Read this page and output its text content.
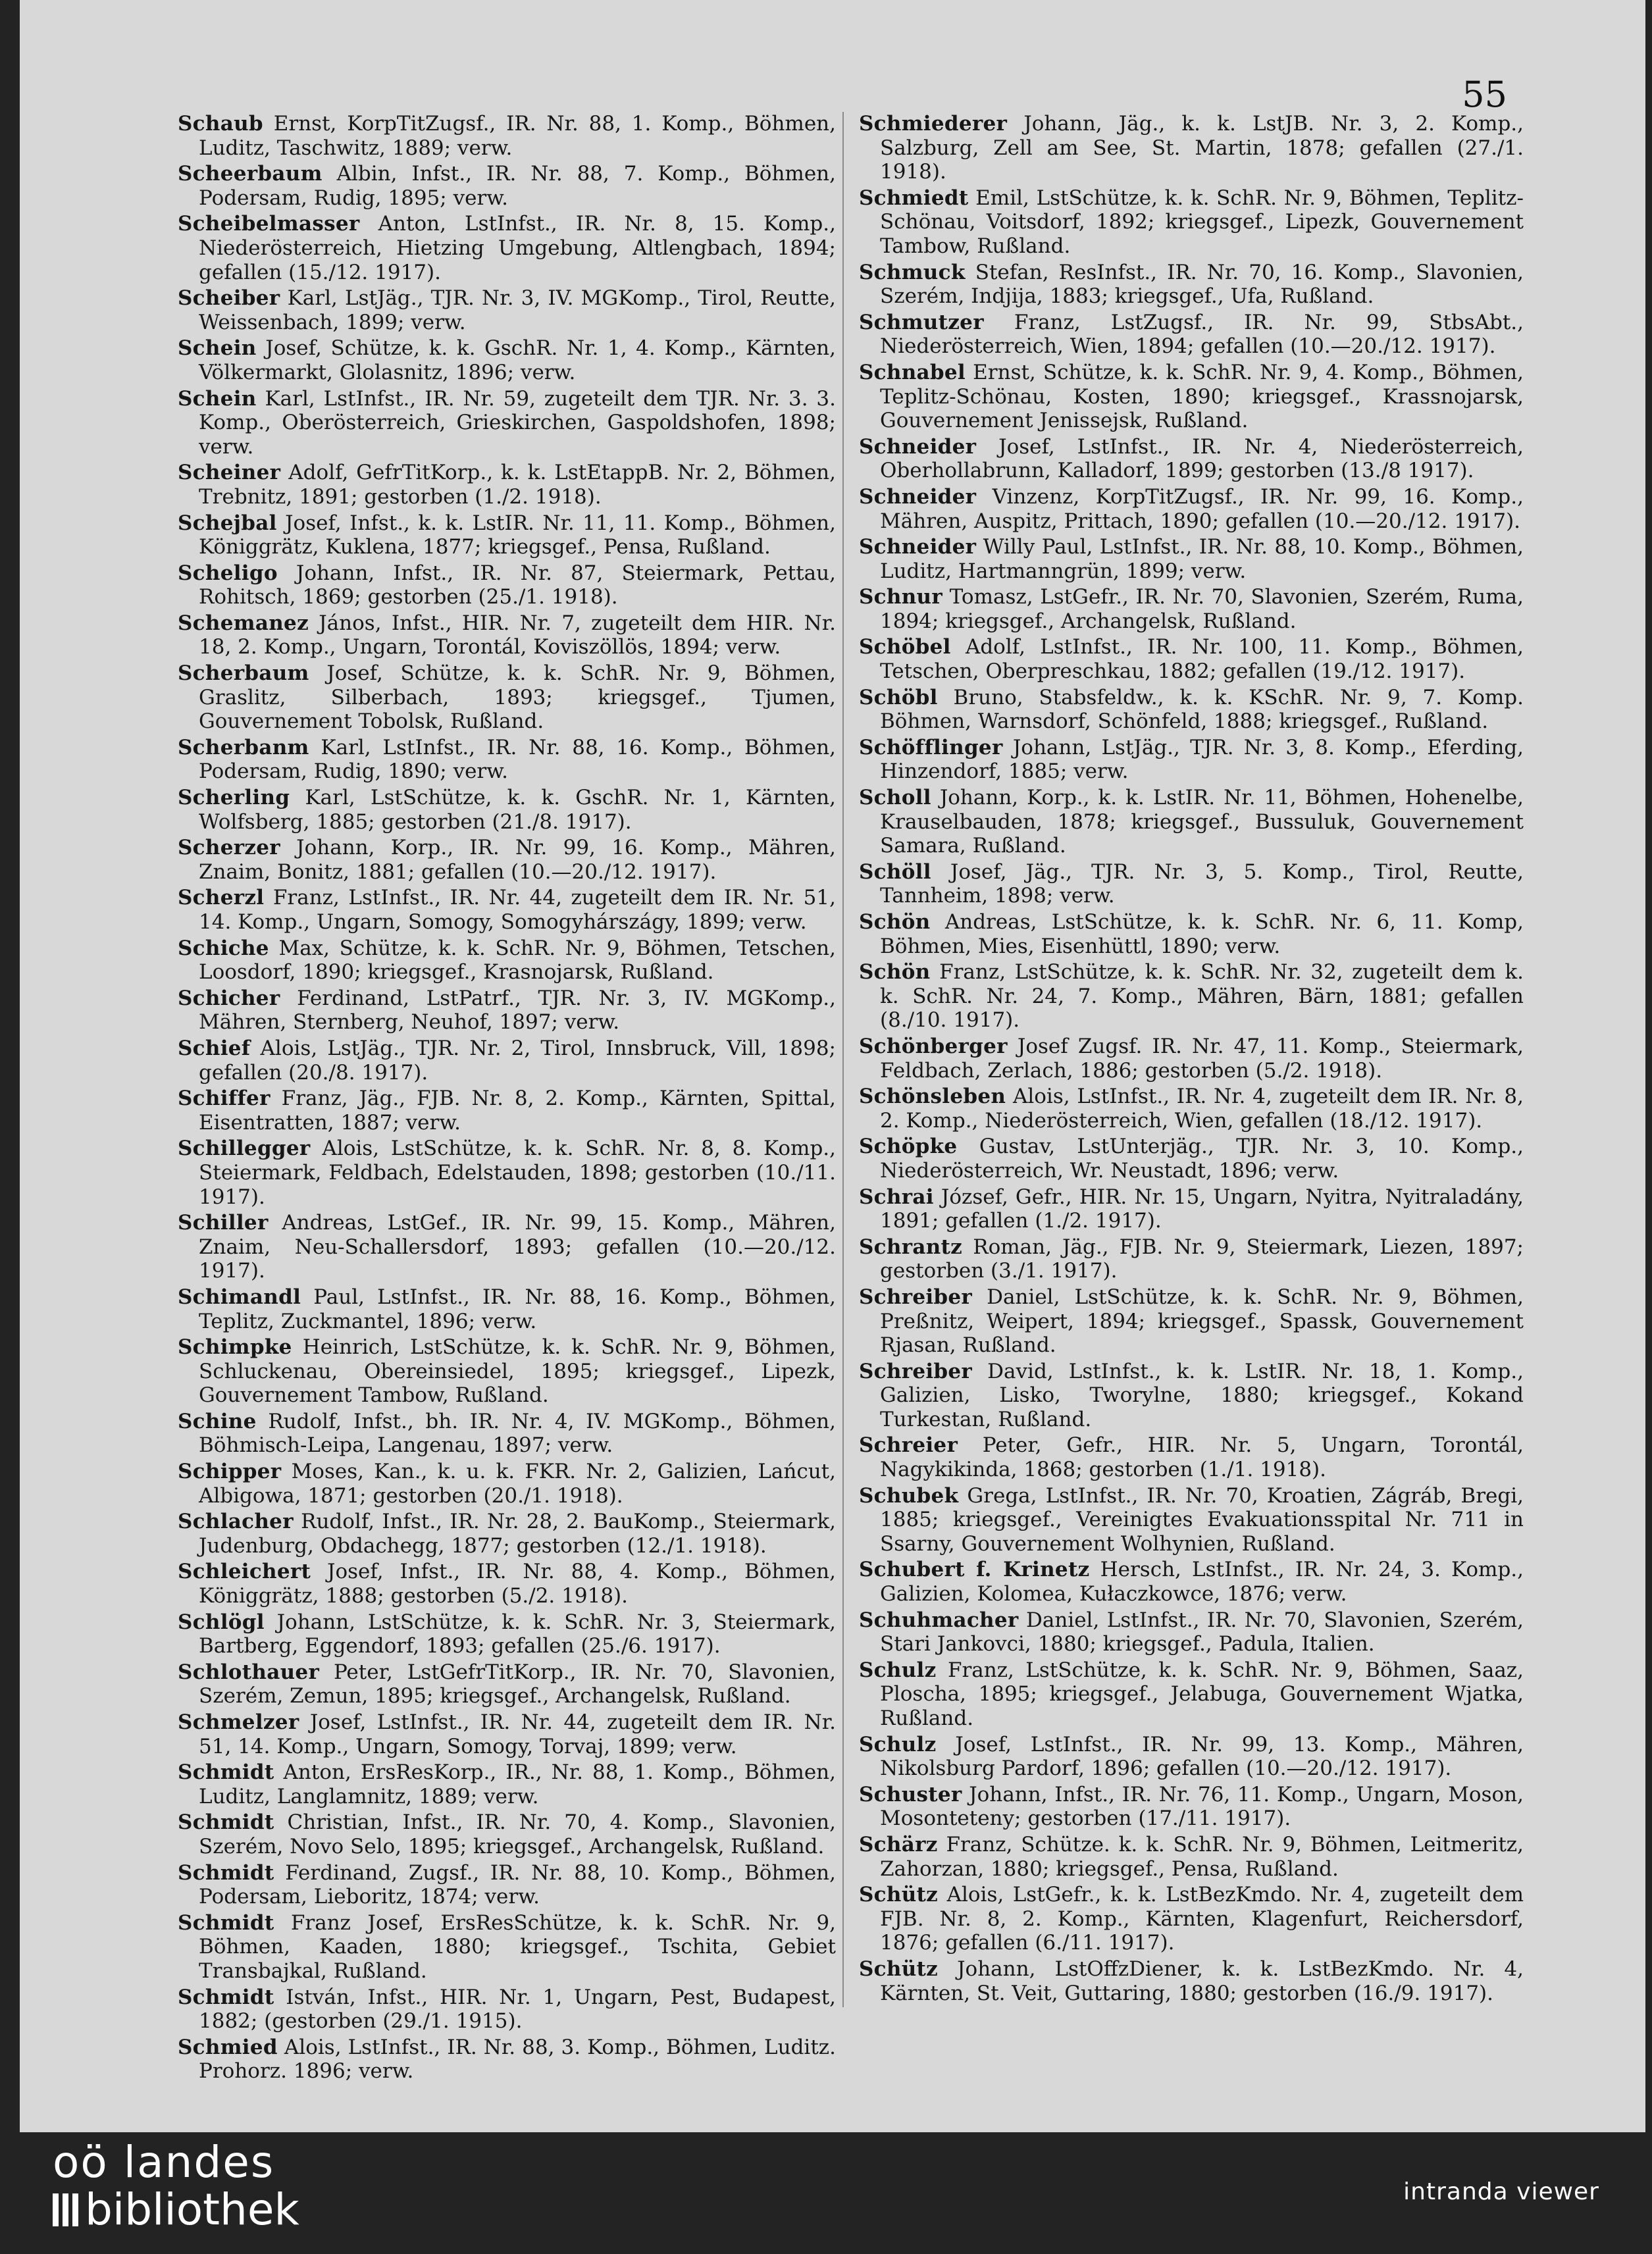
55

Schaub Ernst, KorpTitZugsf., IR. Nr. 88, 1. Komp., Böhmen, Luditz, Taschwitz, 1889; verw.

Scheerbaum Albin, Infst., IR. Nr. 88, 7. Komp., Böhmen, Podersam, Rudig, 1895; verw.

Scheibelmasser Anton, LstInfst., IR. Nr. 8, 15. Komp., Niederösterreich, Hietzing Umgebung, Altlengbach, 1894; gefallen (15./12. 1917).

Scheiber Karl, LstJäg., TJR. Nr. 3, IV. MGKomp., Tirol, Reutte, Weissenbach, 1899; verw.

Schein Josef, Schütze, k. k. GschR. Nr. 1, 4. Komp., Kärnten, Völkermarkt, Glolasnitz, 1896; verw.

Schein Karl, LstInfst., IR. Nr. 59, zugeteilt dem TJR. Nr. 3. 3. Komp., Oberösterreich, Grieskirchen, Gaspoldshofen, 1898; verw.

Scheiner Adolf, GefrTitKorp., k. k. LstEtappB. Nr. 2, Böhmen, Trebnitz, 1891; gestorben (1./2. 1918).

Schejbal Josef, Infst., k. k. LstIR. Nr. 11, 11. Komp., Böhmen, Königgrätz, Kuklena, 1877; kriegsgef., Pensa, Rußland.

Scheligo Johann, Infst., IR. Nr. 87, Steiermark, Pettau, Rohitsch, 1869; gestorben (25./1. 1918).

Schemanez János, Infst., HIR. Nr. 7, zugeteilt dem HIR. Nr. 18, 2. Komp., Ungarn, Torontál, Koviszöllös, 1894; verw.

Scherbaum Josef, Schütze, k. k. SchR. Nr. 9, Böhmen, Graslitz, Silberbach, 1893; kriegsgef., Tjumen, Gouvernement Tobolsk, Rußland.

Scherbanm Karl, LstInfst., IR. Nr. 88, 16. Komp., Böhmen, Podersam, Rudig, 1890; verw.

Scherling Karl, LstSchütze, k. k. GschR. Nr. 1, Kärnten, Wolfsberg, 1885; gestorben (21./8. 1917).

Scherzer Johann, Korp., IR. Nr. 99, 16. Komp., Mähren, Znaim, Bonitz, 1881; gefallen (10.—20./12. 1917).

Scherzl Franz, LstInfst., IR. Nr. 44, zugeteilt dem IR. Nr. 51, 14. Komp., Ungarn, Somogy, Somogyhárszágy, 1899; verw.

Schiche Max, Schütze, k. k. SchR. Nr. 9, Böhmen, Tetschen, Loosdorf, 1890; kriegsgef., Krasnojarsk, Rußland.

Schicher Ferdinand, LstPatrf., TJR. Nr. 3, IV. MGKomp., Mähren, Sternberg, Neuhof, 1897; verw.

Schief Alois, LstJäg., TJR. Nr. 2, Tirol, Innsbruck, Vill, 1898; gefallen (20./8. 1917).

Schiffer Franz, Jäg., FJB. Nr. 8, 2. Komp., Kärnten, Spittal, Eisentratten, 1887; verw.

Schillegger Alois, LstSchütze, k. k. SchR. Nr. 8, 8. Komp., Steiermark, Feldbach, Edelstauden, 1898; gestorben (10./11. 1917).

Schiller Andreas, LstGef., IR. Nr. 99, 15. Komp., Mähren, Znaim, Neu-Schallersdorf, 1893; gefallen (10.—20./12. 1917).

Schimandl Paul, LstInfst., IR. Nr. 88, 16. Komp., Böhmen, Teplitz, Zuckmantel, 1896; verw.

Schimpke Heinrich, LstSchütze, k. k. SchR. Nr. 9, Böhmen, Schluckenau, Obereinsiedel, 1895; kriegsgef., Lipezk, Gouvernement Tambow, Rußland.

Schine Rudolf, Infst., bh. IR. Nr. 4, IV. MGKomp., Böhmen, Böhmisch-Leipa, Langenau, 1897; verw.

Schipper Moses, Kan., k. u. k. FKR. Nr. 2, Galizien, Lańcut, Albigowa, 1871; gestorben (20./1. 1918).

Schlacher Rudolf, Infst., IR. Nr. 28, 2. BauKomp., Steiermark, Judenburg, Obdachegg, 1877; gestorben (12./1. 1918).

Schleichert Josef, Infst., IR. Nr. 88, 4. Komp., Böhmen, Königgrätz, 1888; gestorben (5./2. 1918).

Schlögl Johann, LstSchütze, k. k. SchR. Nr. 3, Steiermark, Bartberg, Eggendorf, 1893; gefallen (25./6. 1917).

Schlothauer Peter, LstGefrTitKorp., IR. Nr. 70, Slavonien, Szerém, Zemun, 1895; kriegsgef., Archangelsk, Rußland.

Schmelzer Josef, LstInfst., IR. Nr. 44, zugeteilt dem IR. Nr. 51, 14. Komp., Ungarn, Somogy, Torvaj, 1899; verw.

Schmidt Anton, ErsResKorp., IR., Nr. 88, 1. Komp., Böhmen, Luditz, Langlamnitz, 1889; verw.

Schmidt Christian, Infst., IR. Nr. 70, 4. Komp., Slavonien, Szerém, Novo Selo, 1895; kriegsgef., Archangelsk, Rußland.

Schmidt Ferdinand, Zugsf., IR. Nr. 88, 10. Komp., Böhmen, Podersam, Lieboritz, 1874; verw.

Schmidt Franz Josef, ErsResSchütze, k. k. SchR. Nr. 9, Böhmen, Kaaden, 1880; kriegsgef., Tschita, Gebiet Transbajkal, Rußland.

Schmidt István, Infst., HIR. Nr. 1, Ungarn, Pest, Budapest, 1882; (gestorben (29./1. 1915).

Schmied Alois, LstInfst., IR. Nr. 88, 3. Komp., Böhmen, Luditz. Prohorz. 1896; verw.

Schmiederer Johann, Jäg., k. k. LstJB. Nr. 3, 2. Komp., Salzburg, Zell am See, St. Martin, 1878; gefallen (27./1. 1918).

Schmiedt Emil, LstSchütze, k. k. SchR. Nr. 9, Böhmen, Teplitz-Schönau, Voitsdorf, 1892; kriegsgef., Lipezk, Gouvernement Tambow, Rußland.

Schmuck Stefan, ResInfst., IR. Nr. 70, 16. Komp., Slavonien, Szerém, Indjija, 1883; kriegsgef., Ufa, Rußland.

Schmutzer Franz, LstZugsf., IR. Nr. 99, StbsAbt., Niederösterreich, Wien, 1894; gefallen (10.—20./12. 1917).

Schnabel Ernst, Schütze, k. k. SchR. Nr. 9, 4. Komp., Böhmen, Teplitz-Schönau, Kosten, 1890; kriegsgef., Krassnojarsk, Gouvernement Jenissejsk, Rußland.

Schneider Josef, LstInfst., IR. Nr. 4, Niederösterreich, Oberhollabrunn, Kalladorf, 1899; gestorben (13./8 1917).

Schneider Vinzenz, KorpTitZugsf., IR. Nr. 99, 16. Komp., Mähren, Auspitz, Prittach, 1890; gefallen (10.—20./12. 1917).

Schneider Willy Paul, LstInfst., IR. Nr. 88, 10. Komp., Böhmen, Luditz, Hartmanngrün, 1899; verw.

Schnur Tomasz, LstGefr., IR. Nr. 70, Slavonien, Szerém, Ruma, 1894; kriegsgef., Archangelsk, Rußland.

Schöbel Adolf, LstInfst., IR. Nr. 100, 11. Komp., Böhmen, Tetschen, Oberpreschkau, 1882; gefallen (19./12. 1917).

Schöbl Bruno, Stabsfeldw., k. k. KSchR. Nr. 9, 7. Komp. Böhmen, Warnsdorf, Schönfeld, 1888; kriegsgef., Rußland.

Schöfflinger Johann, LstJäg., TJR. Nr. 3, 8. Komp., Eferding, Hinzendorf, 1885; verw.

Scholl Johann, Korp., k. k. LstIR. Nr. 11, Böhmen, Hohenelbe, Krauselbauden, 1878; kriegsgef., Bussuluk, Gouvernement Samara, Rußland.

Schöll Josef, Jäg., TJR. Nr. 3, 5. Komp., Tirol, Reutte, Tannheim, 1898; verw.

Schön Andreas, LstSchütze, k. k. SchR. Nr. 6, 11. Komp, Böhmen, Mies, Eisenhüttl, 1890; verw.

Schön Franz, LstSchütze, k. k. SchR. Nr. 32, zugeteilt dem k. k. SchR. Nr. 24, 7. Komp., Mähren, Bärn, 1881; gefallen (8./10. 1917).

Schönberger Josef Zugsf. IR. Nr. 47, 11. Komp., Steiermark, Feldbach, Zerlach, 1886; gestorben (5./2. 1918).

Schönsleben Alois, LstInfst., IR. Nr. 4, zugeteilt dem IR. Nr. 8, 2. Komp., Niederösterreich, Wien, gefallen (18./12. 1917).

Schöpke Gustav, LstUnterjäg., TJR. Nr. 3, 10. Komp., Niederösterreich, Wr. Neustadt, 1896; verw.

Schrai József, Gefr., HIR. Nr. 15, Ungarn, Nyitra, Nyitraladány, 1891; gefallen (1./2. 1917).

Schrantz Roman, Jäg., FJB. Nr. 9, Steiermark, Liezen, 1897; gestorben (3./1. 1917).

Schreiber Daniel, LstSchütze, k. k. SchR. Nr. 9, Böhmen, Preßnitz, Weipert, 1894; kriegsgef., Spassk, Gouvernement Rjasan, Rußland.

Schreiber David, LstInfst., k. k. LstIR. Nr. 18, 1. Komp., Galizien, Lisko, Tworylne, 1880; kriegsgef., Kokand Turkestan, Rußland.

Schreier Peter, Gefr., HIR. Nr. 5, Ungarn, Torontál, Nagykikinda, 1868; gestorben (1./1. 1918).

Schubek Grega, LstInfst., IR. Nr. 70, Kroatien, Zágráb, Bregi, 1885; kriegsgef., Vereinigtes Evakuationsspital Nr. 711 in Ssarny, Gouvernement Wolhynien, Rußland.

Schubert f. Krinetz Hersch, LstInfst., IR. Nr. 24, 3. Komp., Galizien, Kolomea, Kułaczkowce, 1876; verw.

Schuhmacher Daniel, LstInfst., IR. Nr. 70, Slavonien, Szerém, Stari Jankovci, 1880; kriegsgef., Padula, Italien.

Schulz Franz, LstSchütze, k. k. SchR. Nr. 9, Böhmen, Saaz, Ploscha, 1895; kriegsgef., Jelabuga, Gouvernement Wjatka, Rußland.

Schulz Josef, LstInfst., IR. Nr. 99, 13. Komp., Mähren, Nikolsburg Pardorf, 1896; gefallen (10.—20./12. 1917).

Schuster Johann, Infst., IR. Nr. 76, 11. Komp., Ungarn, Moson, Mosonteteny; gestorben (17./11. 1917).

Schärz Franz, Schütze. k. k. SchR. Nr. 9, Böhmen, Leitmeritz, Zahorzan, 1880; kriegsgef., Pensa, Rußland.

Schütz Alois, LstGefr., k. k. LstBezKmdo. Nr. 4, zugeteilt dem FJB. Nr. 8, 2. Komp., Kärnten, Klagenfurt, Reichersdorf, 1876; gefallen (6./11. 1917).

Schütz Johann, LstOffzDiener, k. k. LstBezKmdo. Nr. 4, Kärnten, St. Veit, Guttaring, 1880; gestorben (16./9. 1917).

oö landes
bibliothek	intranda viewer
